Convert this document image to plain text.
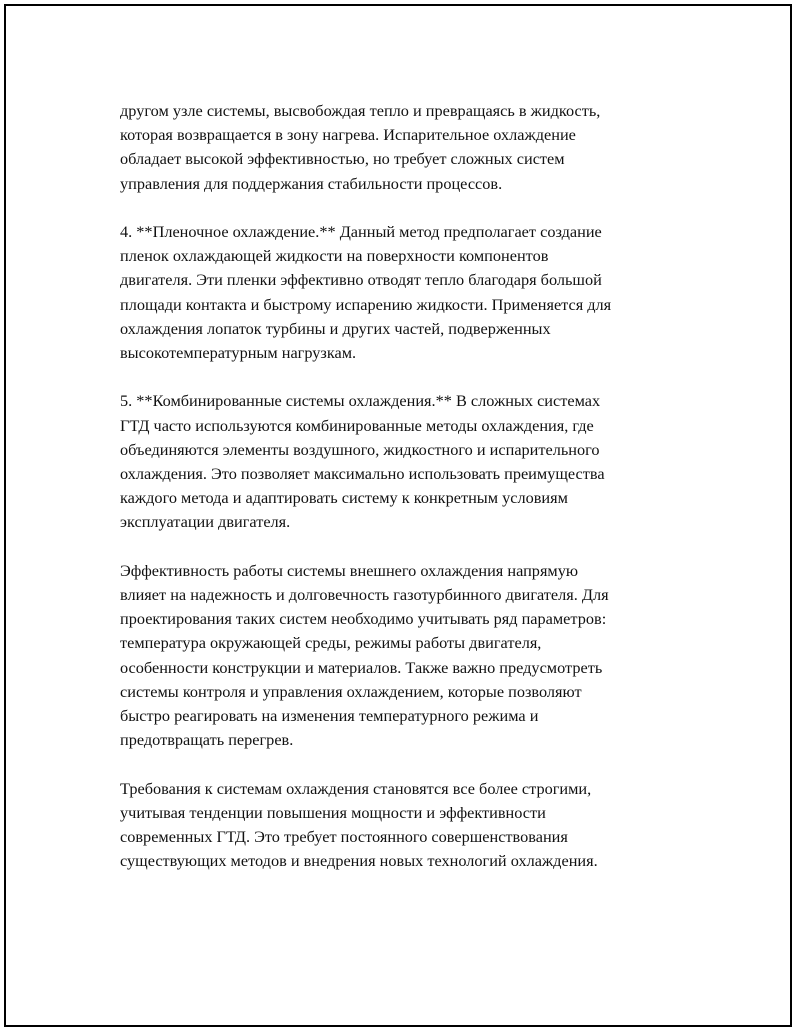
другом узле системы, высвобождая тепло и превращаясь в жидкость,
которая возвращается в зону нагрева. Испарительное охлаждение
обладает высокой эффективностью, но требует сложных систем
управления для поддержания стабильности процессов.

4. **Пленочное охлаждение.** Данный метод предполагает создание
пленок охлаждающей жидкости на поверхности компонентов
двигателя. Эти пленки эффективно отводят тепло благодаря большой
площади контакта и быстрому испарению жидкости. Применяется для
охлаждения лопаток турбины и других частей, подверженных
высокотемпературным нагрузкам.

5. **Комбинированные системы охлаждения.** В сложных системах
ГТД часто используются комбинированные методы охлаждения, где
объединяются элементы воздушного, жидкостного и испарительного
охлаждения. Это позволяет максимально использовать преимущества
каждого метода и адаптировать систему к конкретным условиям
эксплуатации двигателя.

Эффективность работы системы внешнего охлаждения напрямую
влияет на надежность и долговечность газотурбинного двигателя. Для
проектирования таких систем необходимо учитывать ряд параметров:
температура окружающей среды, режимы работы двигателя,
особенности конструкции и материалов. Также важно предусмотреть
системы контроля и управления охлаждением, которые позволяют
быстро реагировать на изменения температурного режима и
предотвращать перегрев.

Требования к системам охлаждения становятся все более строгими,
учитывая тенденции повышения мощности и эффективности
современных ГТД. Это требует постоянного совершенствования
существующих методов и внедрения новых технологий охлаждения.
